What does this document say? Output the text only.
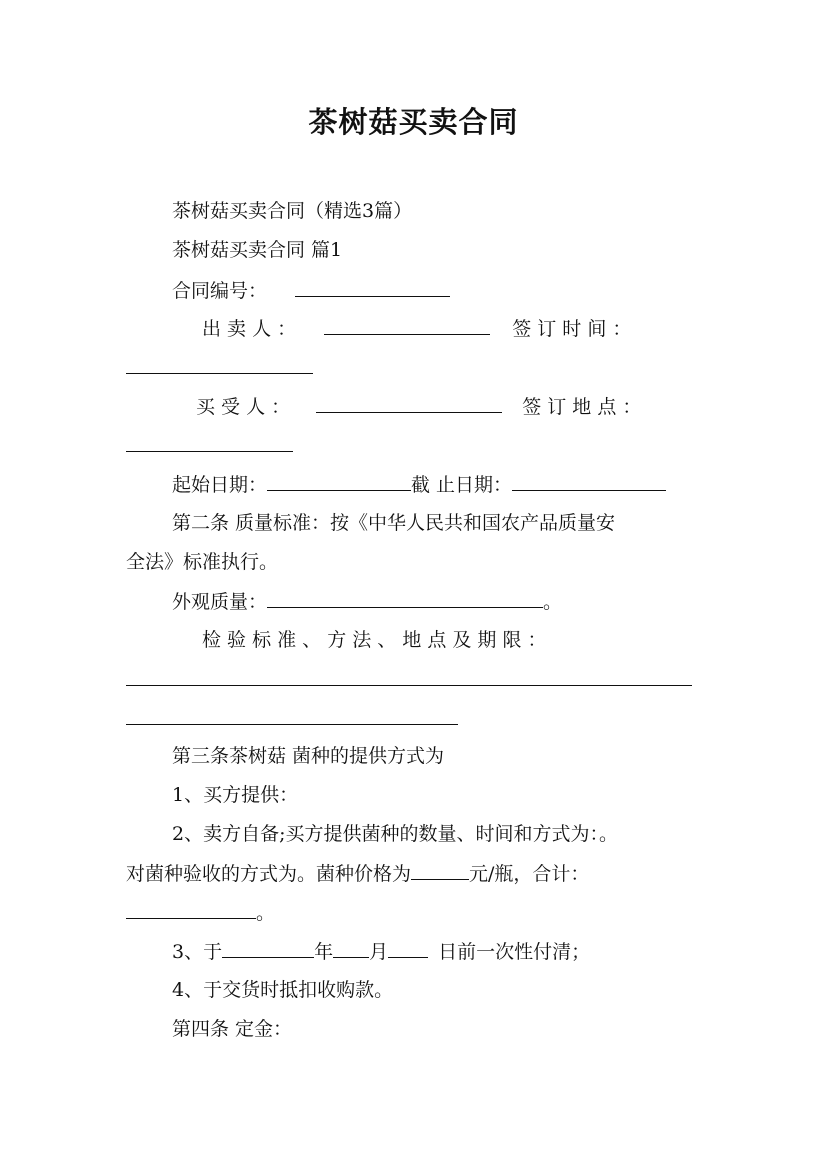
茶树菇买卖合同
茶树菇买卖合同（精选3篇）
茶树菇买卖合同 篇1
合同编号：
出 卖 人 ：	签 订 时 间 ：
买 受 人 ：	签 订 地 点 ：
起始日期：	截 止日期：
第二条 质量标准：按《中华人民共和国农产品质量安
全法》标准执行。
外观质量：	。
检 验 标 准 、 方 法 、 地 点 及 期 限 ：
第三条茶树菇 菌种的提供方式为
1、买方提供：
2、卖方自备;买方提供菌种的数量、时间和方式为：。
对菌种验收的方式为。菌种价格为	元/瓶，合计：
。
3、于	年 月	日前一次性付清；
4、于交货时抵扣收购款。
第四条 定金：
